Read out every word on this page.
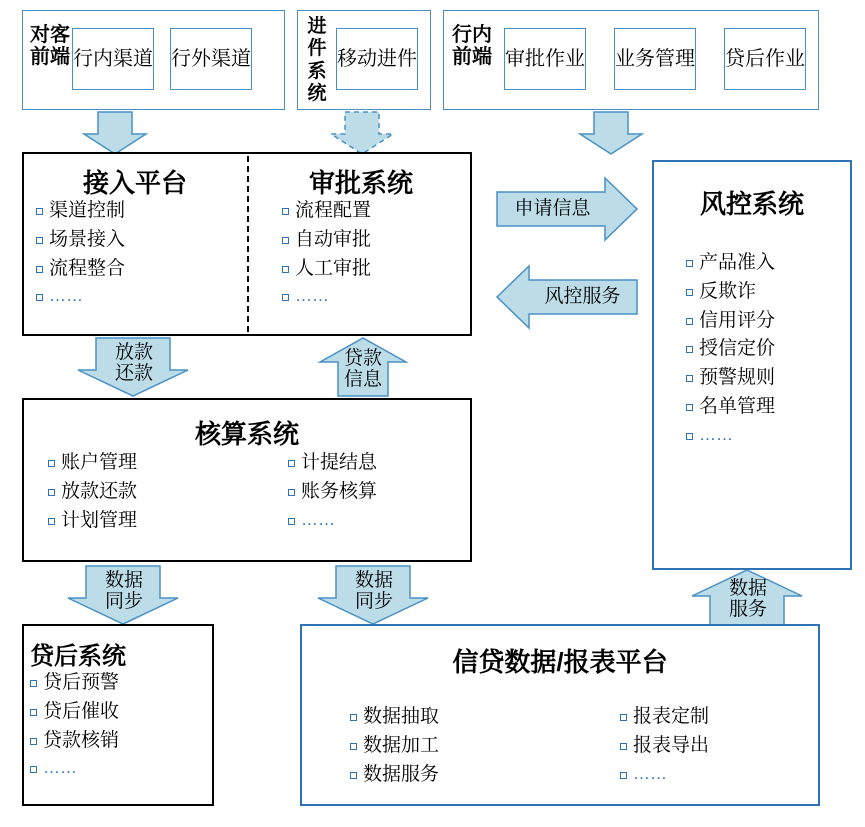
对客前端 行内渠道 行外渠道
进件系统
移动进件
行内前端 审批作业 业务管理 贷后作业
接入平台
渠道控制
场景接入
流程整合
……
审批系统
流程配置
自动审批
人工审批
……
风控系统
产品准入
反欺诈
信用评分
授信定价
预警规则
名单管理
……
申请信息
风控服务
放款
还款
贷款
信息
核算系统
账户管理
放款还款
计划管理
计提结息
账务核算
……
数据
同步
数据
同步
数据
服务
贷后系统
贷后预警
贷后催收
贷款核销
……
信贷数据/报表平台
数据抽取
数据加工
数据服务
报表定制
报表导出
……
